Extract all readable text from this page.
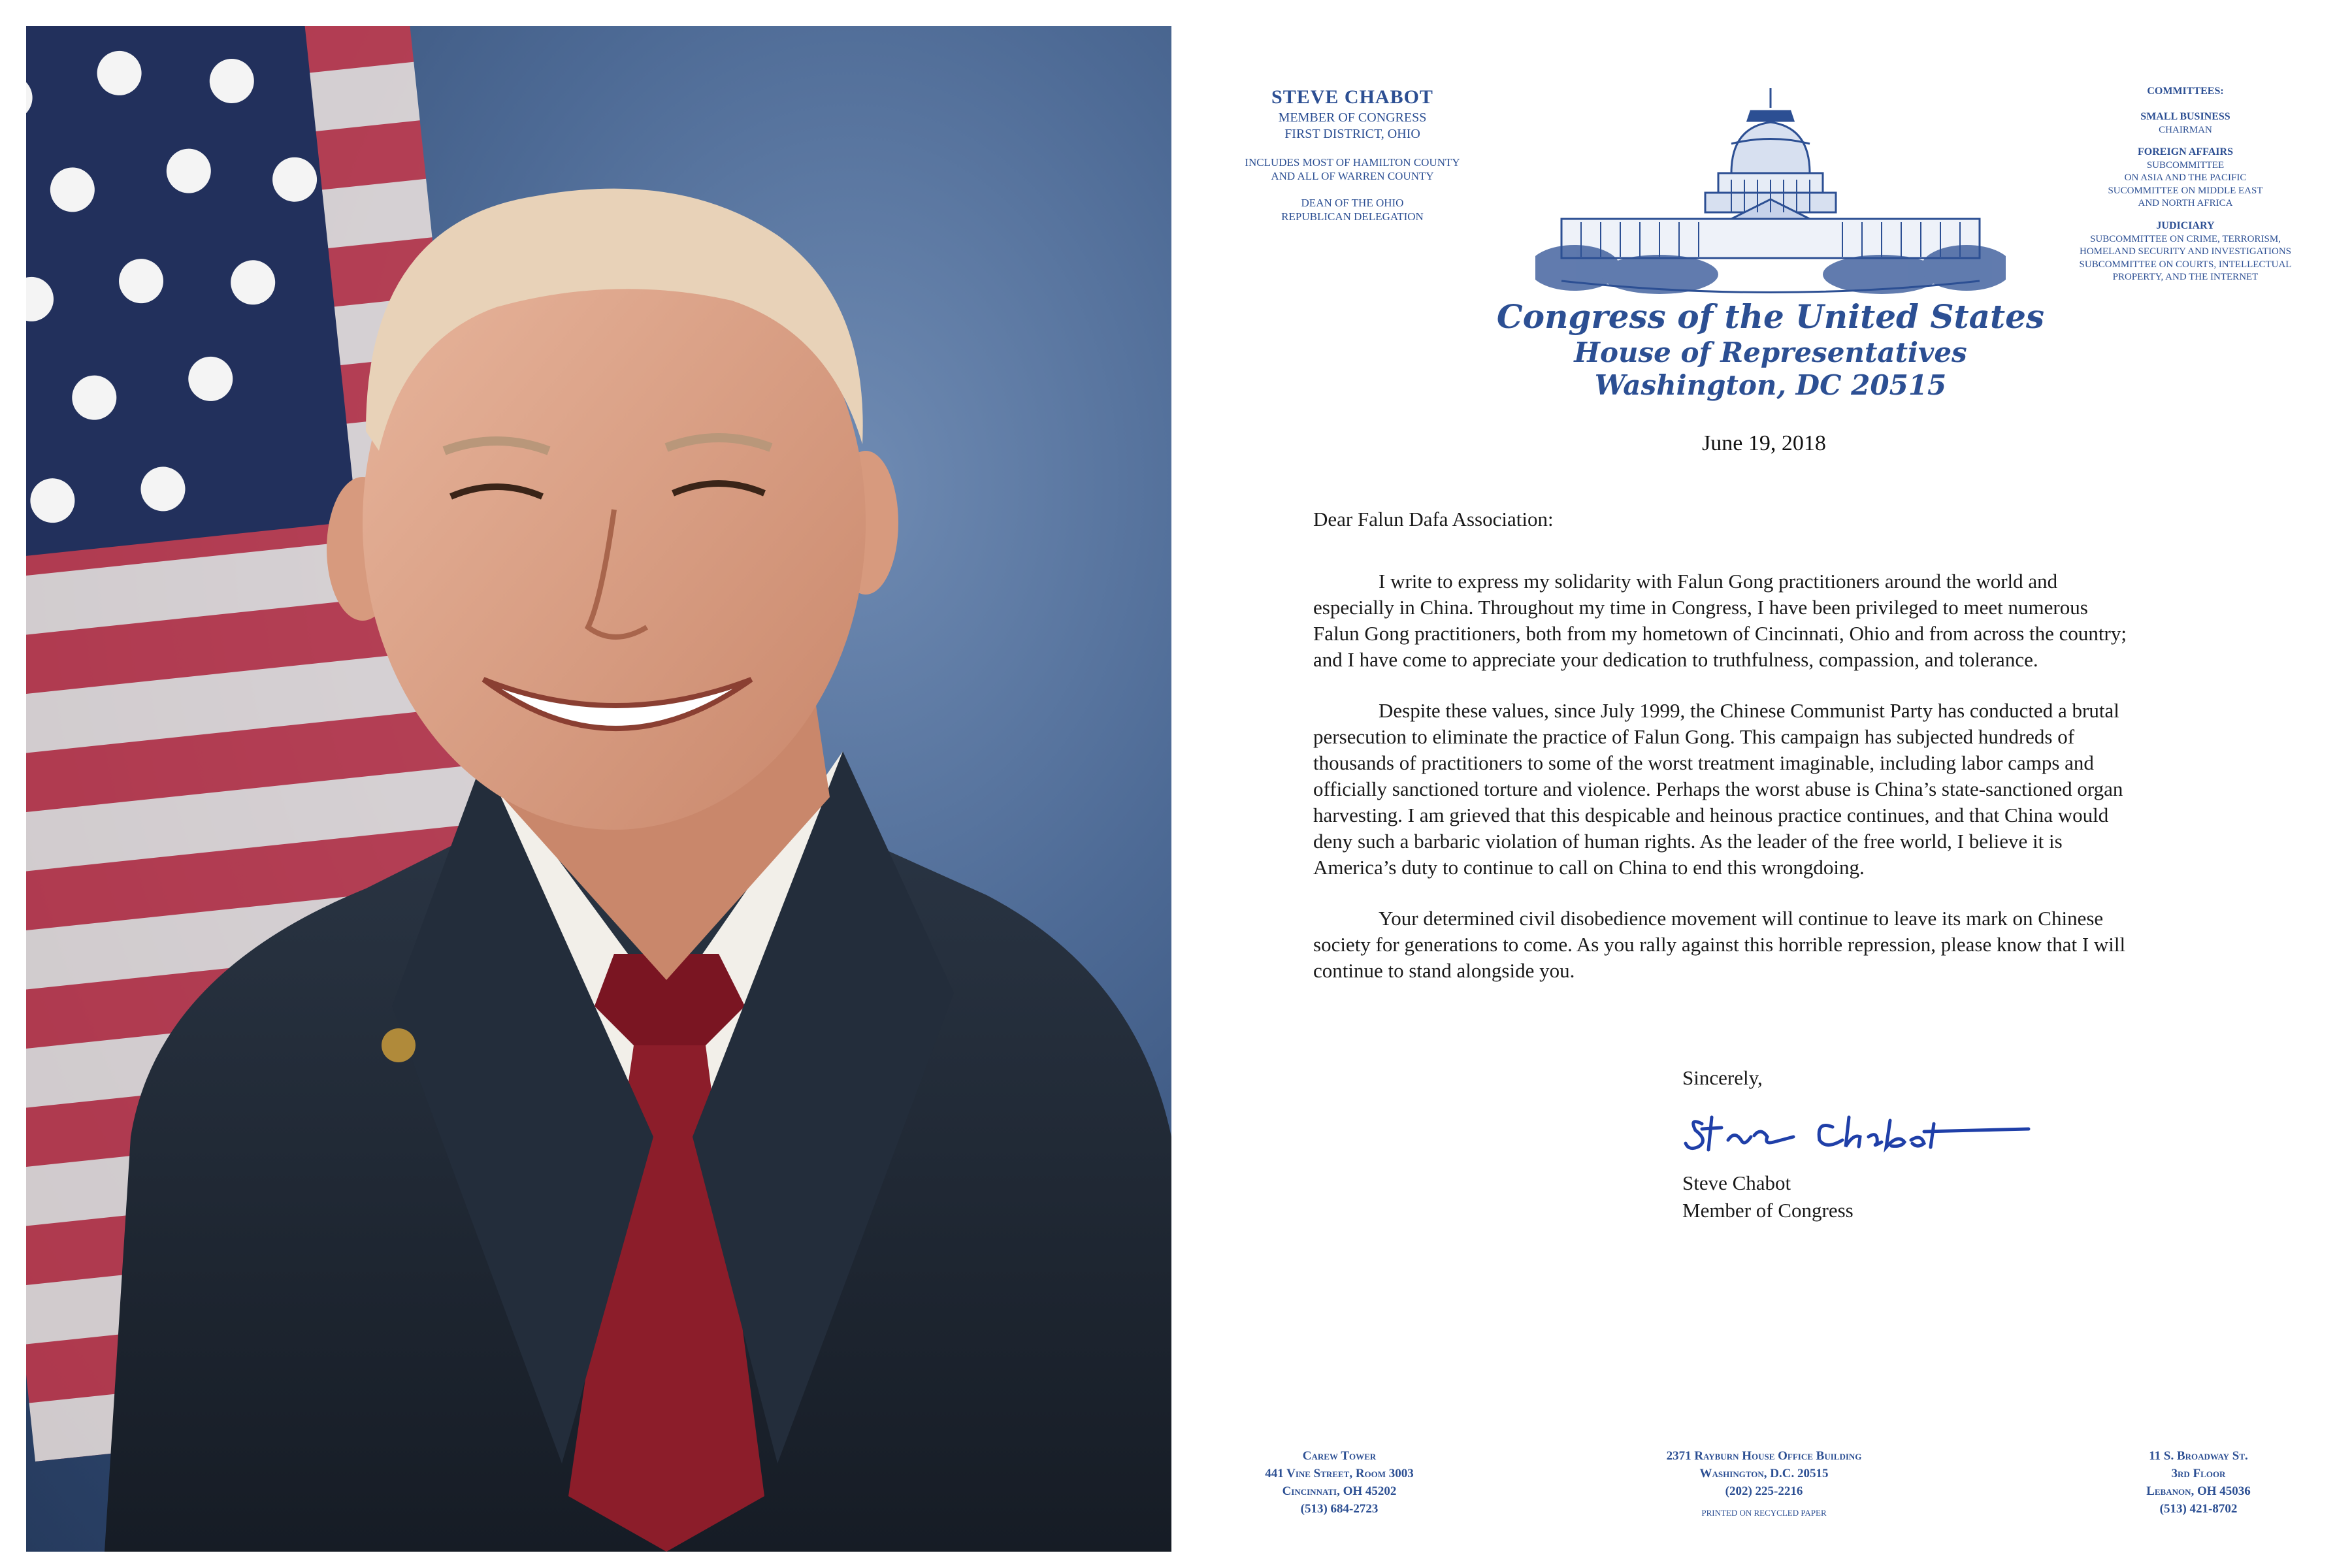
STEVE CHABOT
MEMBER OF CONGRESS
FIRST DISTRICT, OHIO
INCLUDES MOST OF HAMILTON COUNTY
AND ALL OF WARREN COUNTY
DEAN OF THE OHIO
REPUBLICAN DELEGATION
Congress of the United States
House of Representatives
Washington, DC 20515
COMMITTEES:
SMALL BUSINESS
CHAIRMAN
FOREIGN AFFAIRS
SUBCOMMITTEE
ON ASIA AND THE PACIFIC
SUCOMMITTEE ON MIDDLE EAST
AND NORTH AFRICA
JUDICIARY
SUBCOMMITTEE ON CRIME, TERRORISM,
HOMELAND SECURITY AND INVESTIGATIONS
SUBCOMMITTEE ON COURTS, INTELLECTUAL
PROPERTY, AND THE INTERNET
June 19, 2018

Dear Falun Dafa Association:

I write to express my solidarity with Falun Gong practitioners around the world and especially in China. Throughout my time in Congress, I have been privileged to meet numerous Falun Gong practitioners, both from my hometown of Cincinnati, Ohio and from across the country; and I have come to appreciate your dedication to truthfulness, compassion, and tolerance.

Despite these values, since July 1999, the Chinese Communist Party has conducted a brutal persecution to eliminate the practice of Falun Gong. This campaign has subjected hundreds of thousands of practitioners to some of the worst treatment imaginable, including labor camps and officially sanctioned torture and violence. Perhaps the worst abuse is China’s state-sanctioned organ harvesting. I am grieved that this despicable and heinous practice continues, and that China would deny such a barbaric violation of human rights. As the leader of the free world, I believe it is America’s duty to continue to call on China to end this wrongdoing.

Your determined civil disobedience movement will continue to leave its mark on Chinese society for generations to come. As you rally against this horrible repression, please know that I will continue to stand alongside you.

Sincerely,
Steve Chabot
Member of Congress
Carew Tower
441 Vine Street, Room 3003
Cincinnati, OH 45202
(513) 684-2723
2371 Rayburn House Office Building
Washington, D.C. 20515
(202) 225-2216
PRINTED ON RECYCLED PAPER
11 S. Broadway St.
3rd Floor
Lebanon, OH 45036
(513) 421-8702
